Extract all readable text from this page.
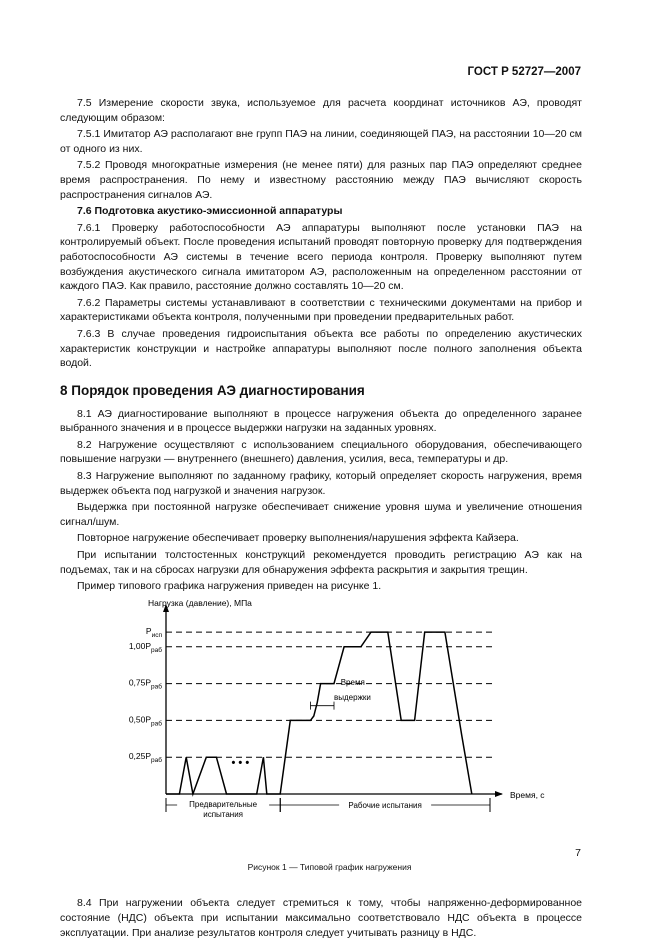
ГОСТ Р 52727—2007

7.5 Измерение скорости звука, используемое для расчета координат источников АЭ, проводят следующим образом:

7.5.1 Имитатор АЭ располагают вне групп ПАЭ на линии, соединяющей ПАЭ, на расстоянии 10—20 см от одного из них.

7.5.2 Проводя многократные измерения (не менее пяти) для разных пар ПАЭ определяют среднее время распространения. По нему и известному расстоянию между ПАЭ вычисляют скорость распространения сигналов АЭ.

7.6 Подготовка акустико-эмиссионной аппаратуры

7.6.1 Проверку работоспособности АЭ аппаратуры выполняют после установки ПАЭ на контролируемый объект. После проведения испытаний проводят повторную проверку для подтверждения работоспособности АЭ системы в течение всего периода контроля. Проверку выполняют путем возбуждения акустического сигнала имитатором АЭ, расположенным на определенном расстоянии от каждого ПАЭ. Как правило, расстояние должно составлять 10—20 см.

7.6.2 Параметры системы устанавливают в соответствии с техническими документами на прибор и характеристиками объекта контроля, полученными при проведении предварительных работ.

7.6.3 В случае проведения гидроиспытания объекта все работы по определению акустических характеристик конструкции и настройке аппаратуры выполняют после полного заполнения объекта водой.

8 Порядок проведения АЭ диагностирования

8.1 АЭ диагностирование выполняют в процессе нагружения объекта до определенного заранее выбранного значения и в процессе выдержки нагрузки на заданных уровнях.

8.2 Нагружение осуществляют с использованием специального оборудования, обеспечивающего повышение нагрузки — внутреннего (внешнего) давления, усилия, веса, температуры и др.

8.3 Нагружение выполняют по заданному графику, который определяет скорость нагружения, время выдержек объекта под нагрузкой и значения нагрузок.

Выдержка при постоянной нагрузке обеспечивает снижение уровня шума и увеличение отношения сигнал/шум.

Повторное нагружение обеспечивает проверку выполнения/нарушения эффекта Кайзера.

При испытании толстостенных конструкций рекомендуется проводить регистрацию АЭ как на подъемах, так и на сбросах нагрузки для обнаружения эффекта раскрытия и закрытия трещин.

Пример типового графика нагружения приведен на рисунке 1.

Нагрузка (давление), МПа
Время, с
$P_{исп}$
$1,00P_{раб}$
$0,75P_{раб}$
$0,50P_{раб}$
$0,25P_{раб}$	• • •
Время
выдержки
Предварительные
испытания
Рабочие испытания

Рисунок 1 — Типовой график нагружения

8.4 При нагружении объекта следует стремиться к тому, чтобы напряженно-деформированное состояние (НДС) объекта при испытании максимально соответствовало НДС объекта в процессе эксплуатации. При анализе результатов контроля следует учитывать разницу в НДС.

7
